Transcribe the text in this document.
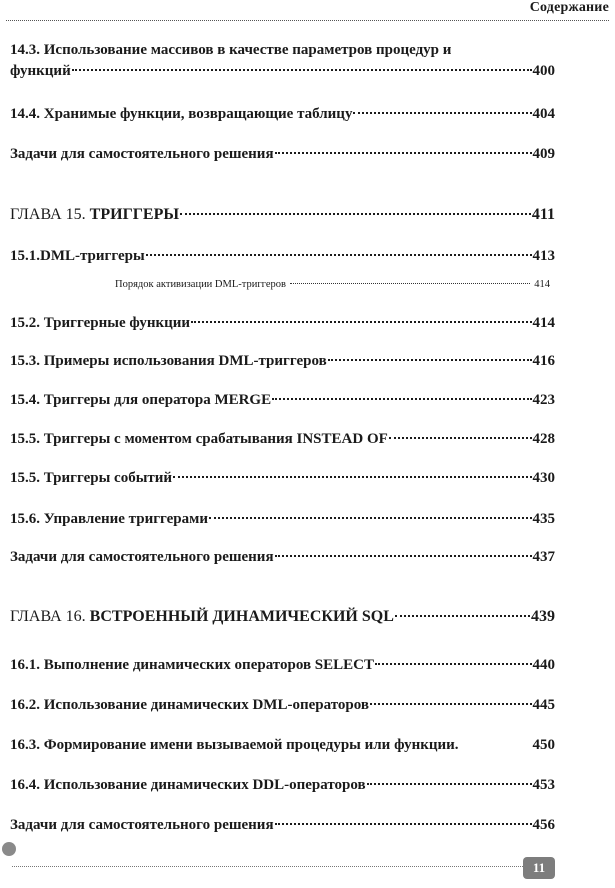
Содержание
14.3. Использование массивов в качестве параметров процедур и
функций	400
14.4. Хранимые функции, возвращающие таблицу	404
Задачи для самостоятельного решения	409
ГЛАВА 15. ТРИГГЕРЫ	411
15.1.DML-триггеры	413
Порядок активизации DML-триггеров	414
15.2. Триггерные функции	414
15.3. Примеры использования DML-триггеров	416
15.4. Триггеры для оператора MERGE	423
15.5. Триггеры с моментом срабатывания INSTEAD OF	428
15.5. Триггеры событий	430
15.6. Управление триггерами	435
Задачи для самостоятельного решения	437
ГЛАВА 16. ВСТРОЕННЫЙ ДИНАМИЧЕСКИЙ SQL	439
16.1. Выполнение динамических операторов SELECT	440
16.2. Использование динамических DML-операторов	445
16.3. Формирование имени вызываемой процедуры или функции.	450
16.4. Использование динамических DDL-операторов	453
Задачи для самостоятельного решения	456
11
